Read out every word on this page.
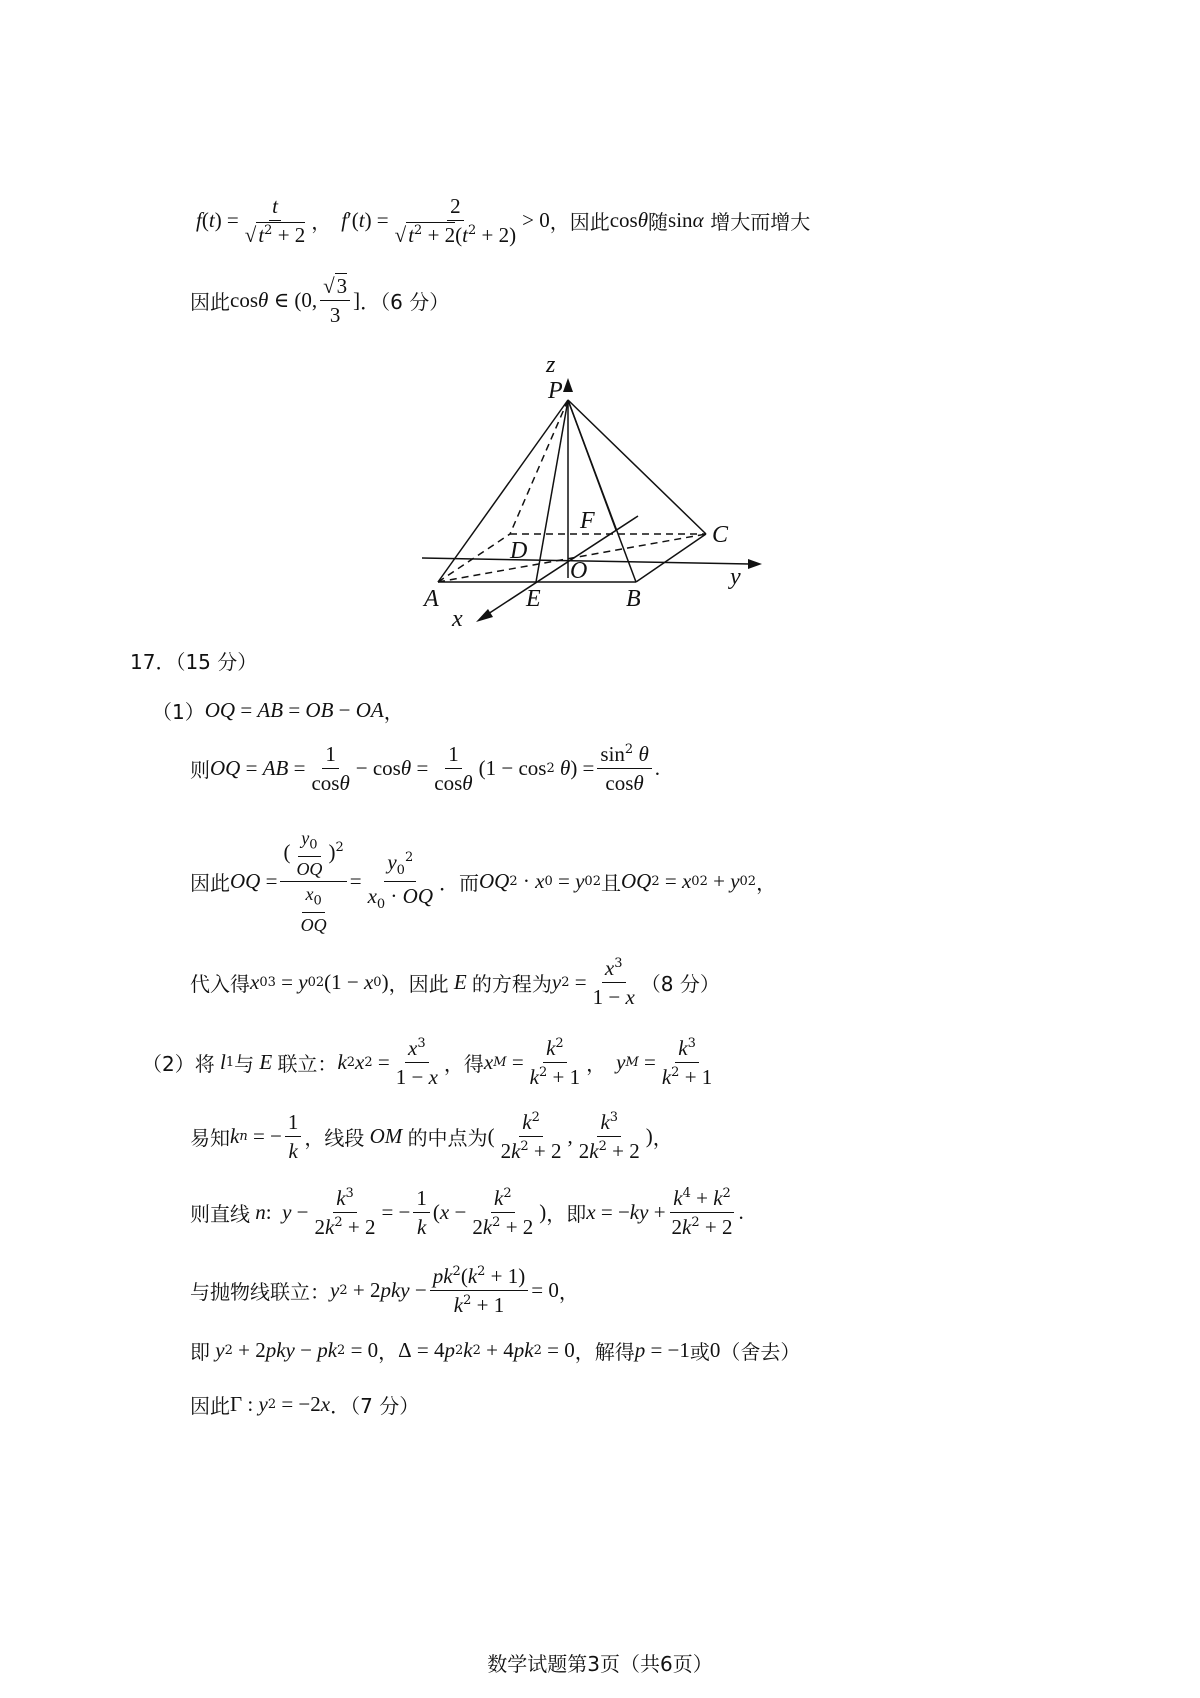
f ( t ) = $\frac{t}{√t^2 + 2}$ ， f ′( t ) = $\frac{2}{√t^2 + 2(t^2 + 2)} > 0$ ，因此 cos θ 随 sin α
增大而增大
因此 cos θ ∈ (0, $\frac{√3}{3}$ ] ．（6 分）
z
P
F
C
D
O	y
A	E	B
x
17．（15 分）
（1） OQ = AB = OB − OA ，
则 OQ = AB = $\frac{1}{\cos\theta} - \cos \theta = \frac{1}{\cos\theta} (1 - \cos 2$ θ ) = $\frac{\sin^2 \theta}{\cos\theta}$ .
因此 OQ = $\frac{( \frac{y_0}{OQ} )^2}{\frac{x_0}{OQ}} = \frac{y_0^2}{x_0 \cdot OQ}$ ．而 OQ 2 · x 0 = y 0 2 且 OQ 2 = x 0 2 + y 0 2 ，
代入得 x 0 3 = y 0 2 (1 − x 0 ) ，因此 E 的方程为 y $2 = \frac{x^3}{1 - x} (8$ 分）
（2）将 l 1 与 E 联立： k 2 x $2 = \frac{x^3}{1 - x}$ ，得 x $M = \frac{k^2}{k^2 + 1}$ ， y $M = \frac{k^3}{k^2 + 1}$
易知 k n = − $\frac{1}{k}$ ，线段 OM 的中点为 ( $\frac{k^2}{2k^2 + 2}$ , $\frac{k^3}{2k^2 + 2}$ ) ，
则直线 n : $y - \frac{k^3}{2k^2 + 2}$ = − $\frac{1}{k}$ ( $x - \frac{k^2}{2k^2 + 2}$ ) ，即 x = − ky + $\frac{k^4 + k^2}{2k^2 + 2}$ .
与抛物线联立： y 2 + 2 pky − $\frac{pk^2(k^2 + 1)}{k^2 + 1} = 0$ ，
即 y 2 + 2 pky − pk 2 = 0 ， Δ = 4 p 2 k 2 + 4 pk 2 = 0 ，解得 p = −1 或 0 （舍去）
因此 Γ : y 2 = −2 x ．（7 分）
数学试题第3页（共6页）
